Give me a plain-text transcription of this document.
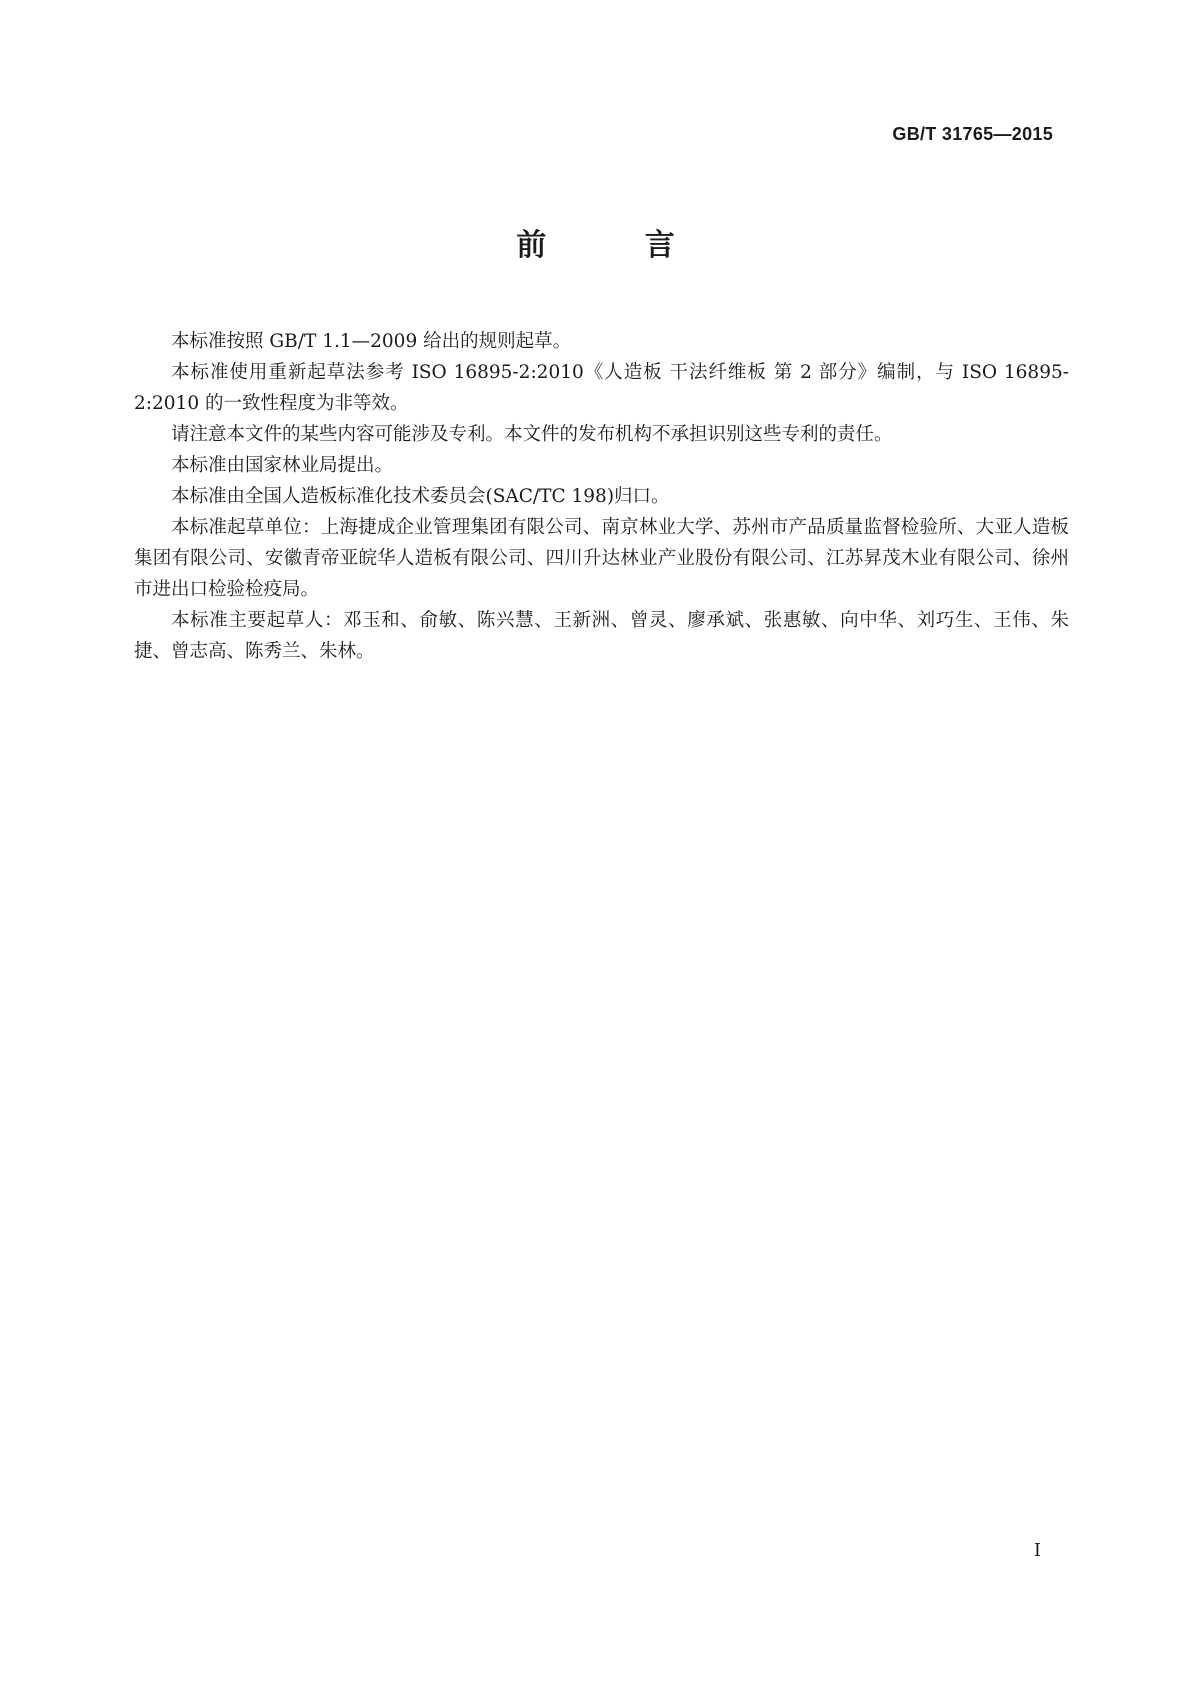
GB/T 31765—2015
前 言

本标准按照 GB/T 1.1—2009 给出的规则起草。

本标准使用重新起草法参考 ISO 16895-2:2010《人造板 干法纤维板 第 2 部分》编制，与 ISO 16895-2:2010 的一致性程度为非等效。

请注意本文件的某些内容可能涉及专利。本文件的发布机构不承担识别这些专利的责任。

本标准由国家林业局提出。

本标准由全国人造板标准化技术委员会(SAC/TC 198)归口。

本标准起草单位：上海捷成企业管理集团有限公司、南京林业大学、苏州市产品质量监督检验所、大亚人造板集团有限公司、安徽青帝亚皖华人造板有限公司、四川升达林业产业股份有限公司、江苏昇茂木业有限公司、徐州市进出口检验检疫局。

本标准主要起草人：邓玉和、俞敏、陈兴慧、王新洲、曾灵、廖承斌、张惠敏、向中华、刘巧生、王伟、朱捷、曾志高、陈秀兰、朱林。

I
